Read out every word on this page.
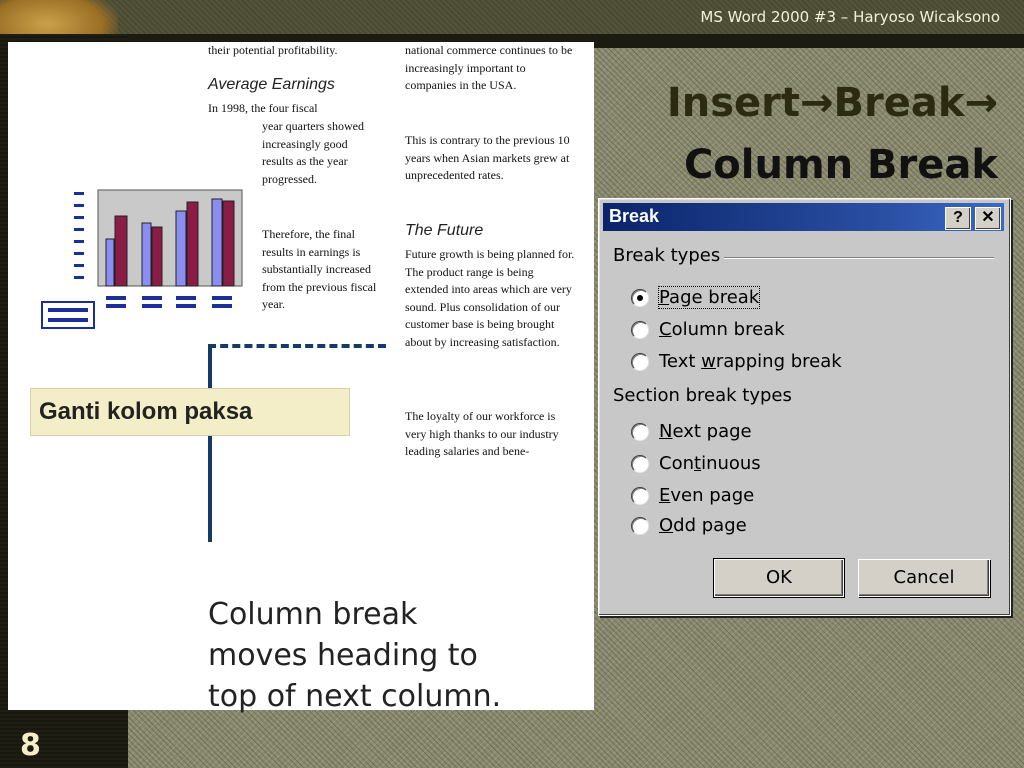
MS Word 2000 #3 – Haryoso Wicaksono
8
Insert→Break→
Column Break
their potential profitability.
Average Earnings
In 1998, the four fiscal
year quarters showed increasingly good results as the year progressed.
Therefore, the final results in earnings is substantially increased from the previous fiscal year.
national commerce continues to be increasingly important to companies in the USA.
This is contrary to the previous 10 years when Asian markets grew at unprecedented rates.
The Future
Future growth is being planned for. The product range is being extended into areas which are very sound. Plus consolidation of our customer base is being brought about by increasing satisfaction.
The loyalty of our workforce is very high thanks to our industry leading salaries and bene-
Column break moves heading to top of next column.
Ganti kolom paksa
Break	?	✕
Break types
Page break
Column break
Text wrapping break
Section break types
Next page
Continuous
Even page
Odd page
OK	Cancel
